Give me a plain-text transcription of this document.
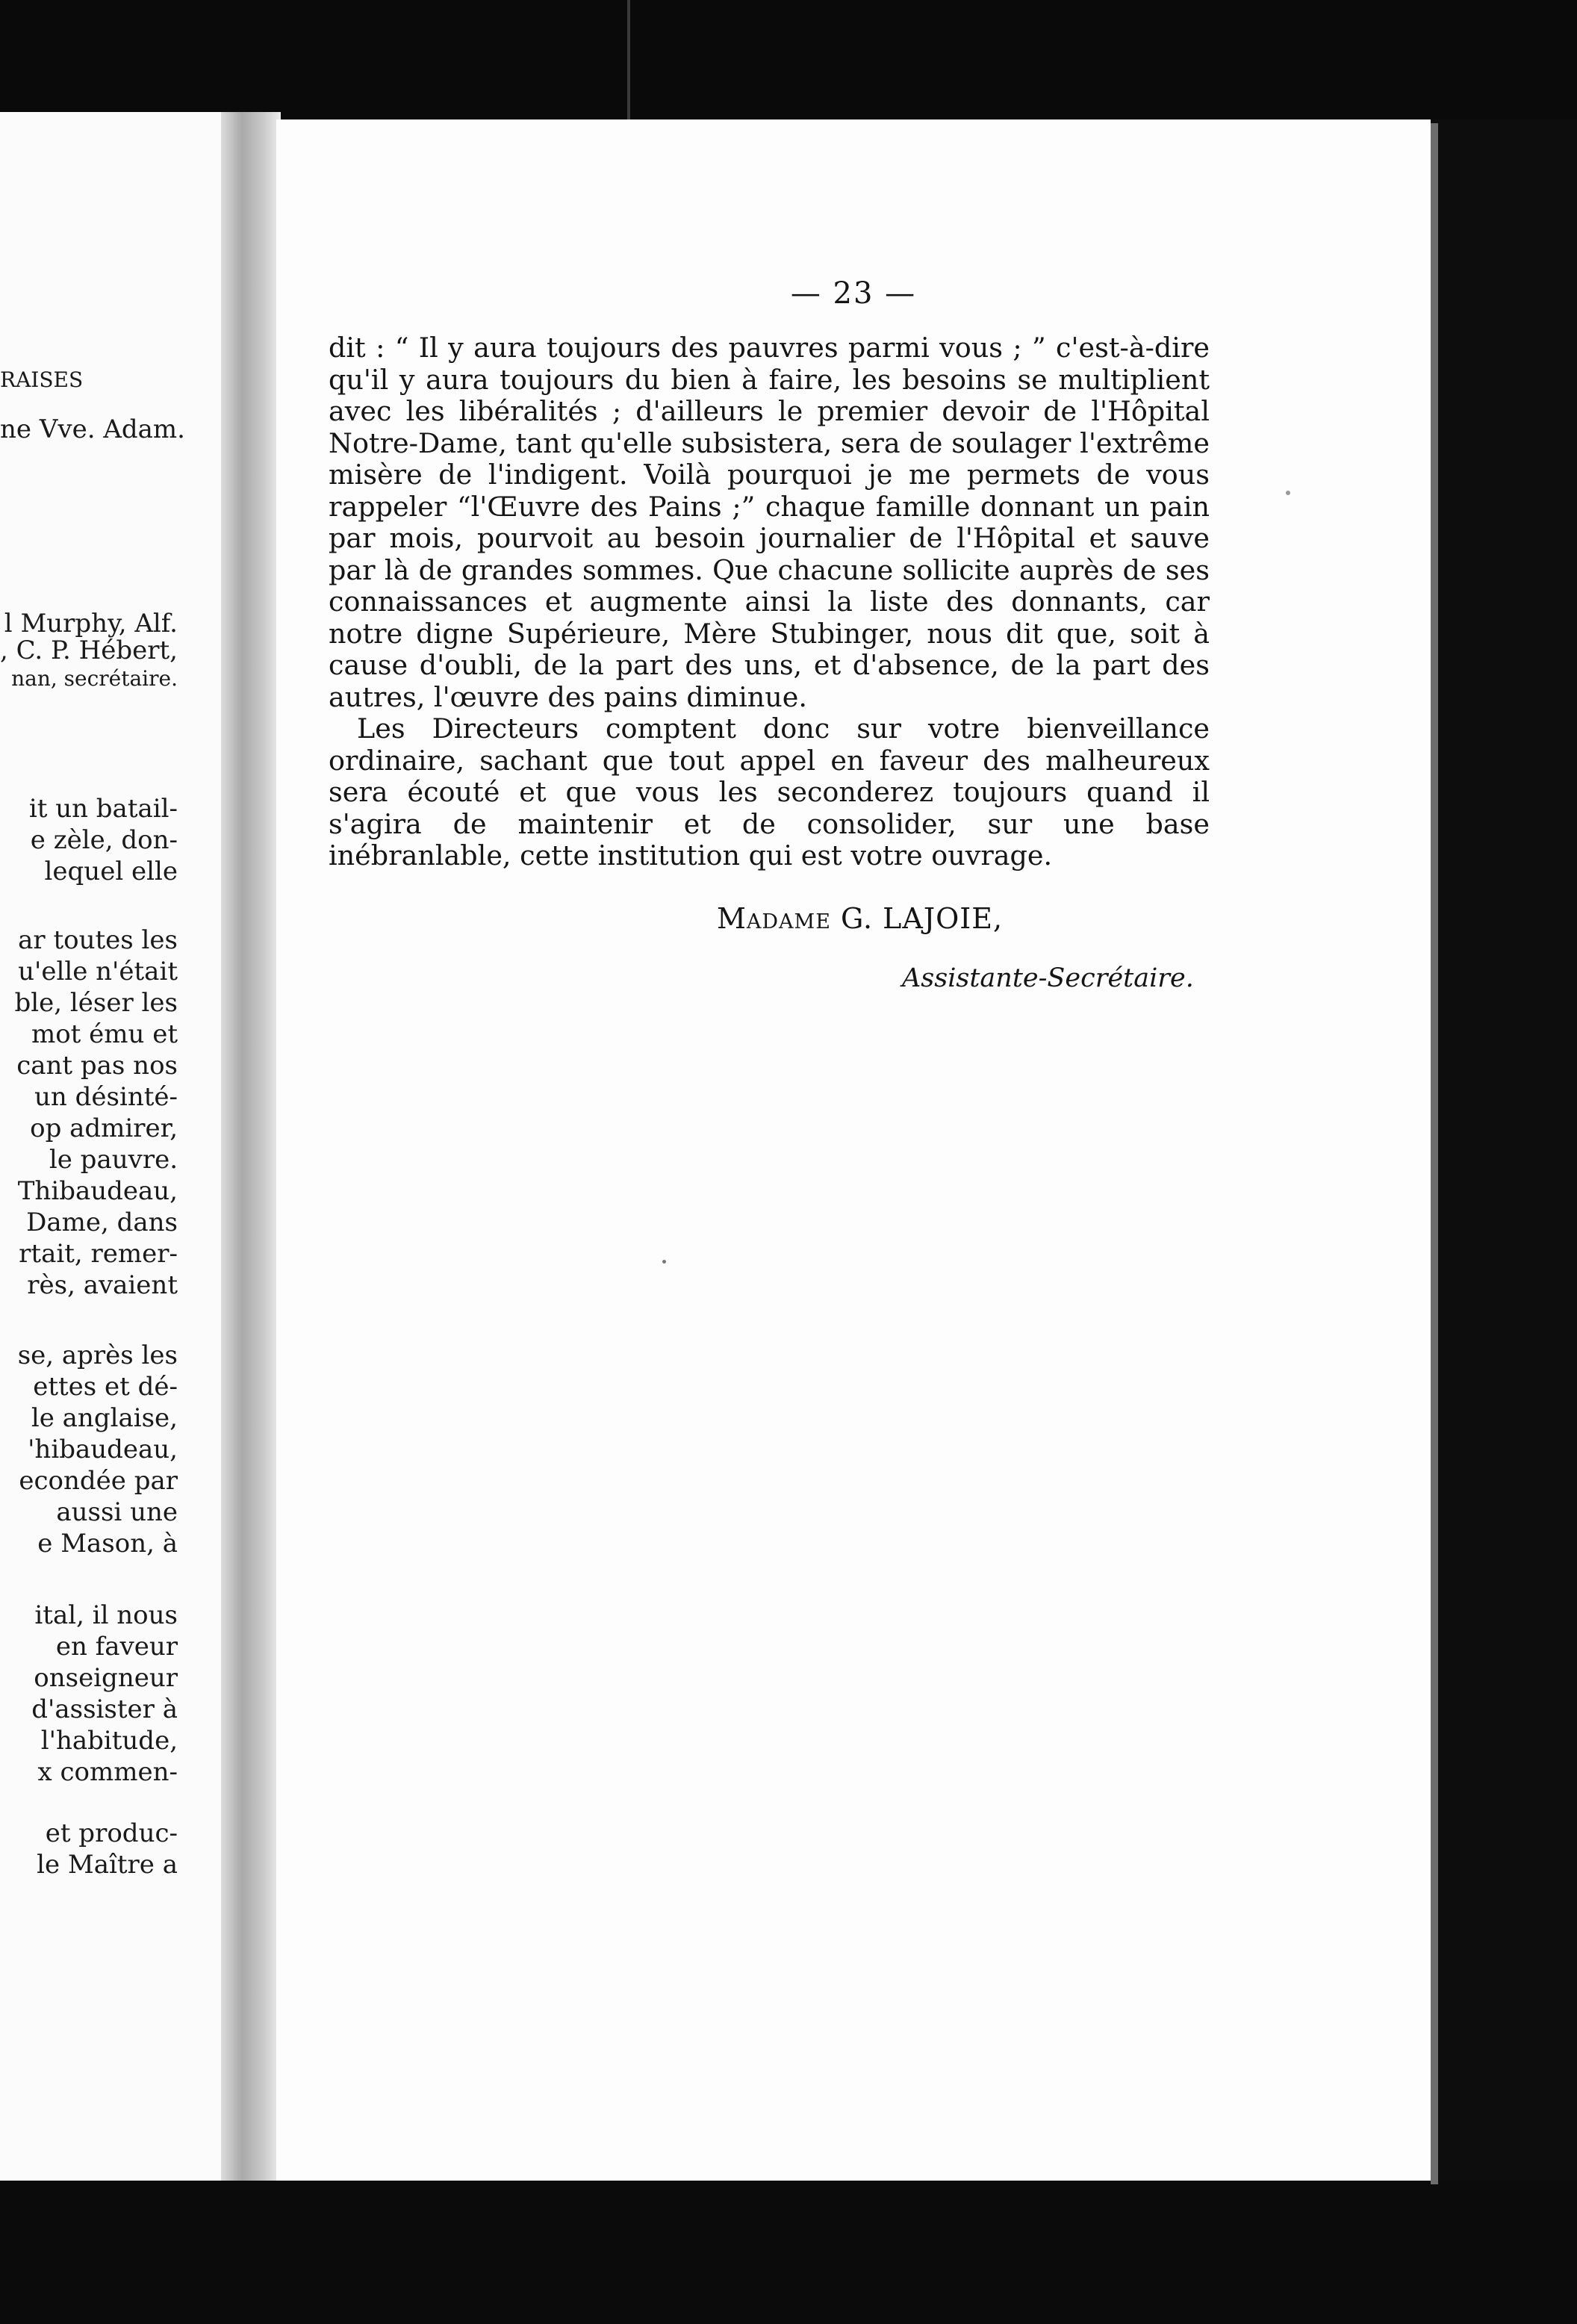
RAISES
ne Vve. Adam.
l Murphy, Alf.
, C. P. Hébert,
nan, secrétaire.
it un batail-
e zèle, don-
lequel elle
ar toutes les
u'elle n'était
ble, léser les
mot ému et
cant pas nos
un désinté-
op admirer,
le pauvre.
Thibaudeau,
Dame, dans
rtait, remer-
rès, avaient
se, après les
ettes et dé-
le anglaise,
'hibaudeau,
econdée par
aussi une
e Mason, à
ital, il nous
en faveur
onseigneur
d'assister à
l'habitude,
x commen-
et produc-
le Maître a
— 23 —

dit : “ Il y aura toujours des pauvres parmi vous ; ” c'est-à-dire qu'il y aura toujours du bien à faire, les besoins se multiplient avec les libéralités ; d'ailleurs le premier devoir de l'Hôpital Notre-Dame, tant qu'elle subsistera, sera de soulager l'extrême misère de l'indigent. Voilà pourquoi je me permets de vous rappeler “l'Œuvre des Pains ;” chaque famille donnant un pain par mois, pourvoit au besoin journalier de l'Hôpital et sauve par là de grandes sommes. Que chacune sollicite auprès de ses connaissances et augmente ainsi la liste des donnants, car notre digne Supérieure, Mère Stubinger, nous dit que, soit à cause d'oubli, de la part des uns, et d'absence, de la part des autres, l'œuvre des pains diminue.

Les Directeurs comptent donc sur votre bienveillance ordinaire, sachant que tout appel en faveur des malheureux sera écouté et que vous les seconderez toujours quand il s'agira de maintenir et de consolider, sur une base inébranlable, cette institution qui est votre ouvrage.

Madame G. LAJOIE,
Assistante-Secrétaire.
